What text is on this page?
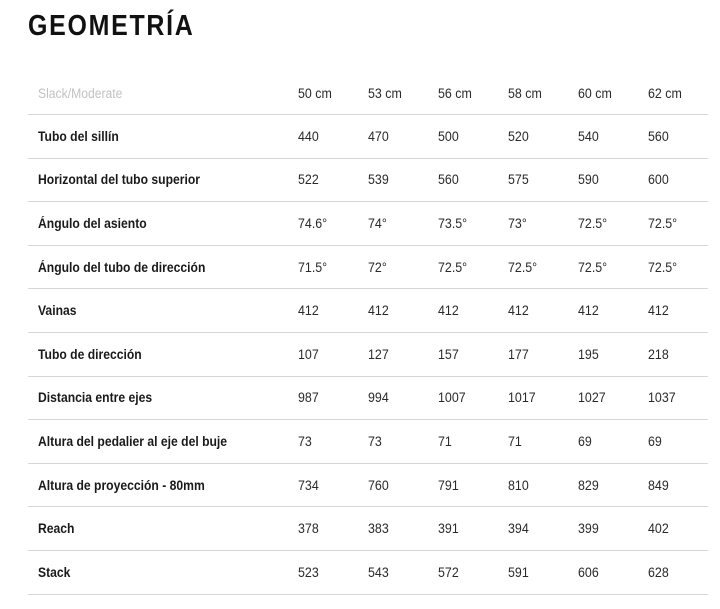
GEOMETRÍA
Slack/Moderate	50 cm	53 cm	56 cm	58 cm	60 cm	62 cm
Tubo del sillín	440	470	500	520	540	560
Horizontal del tubo superior	522	539	560	575	590	600
Ángulo del asiento	74.6°	74°	73.5°	73°	72.5°	72.5°
Ángulo del tubo de dirección	71.5°	72°	72.5°	72.5°	72.5°	72.5°
Vainas	412	412	412	412	412	412
Tubo de dirección	107	127	157	177	195	218
Distancia entre ejes	987	994	1007	1017	1027	1037
Altura del pedalier al eje del buje	73	73	71	71	69	69
Altura de proyección - 80mm	734	760	791	810	829	849
Reach	378	383	391	394	399	402
Stack	523	543	572	591	606	628
